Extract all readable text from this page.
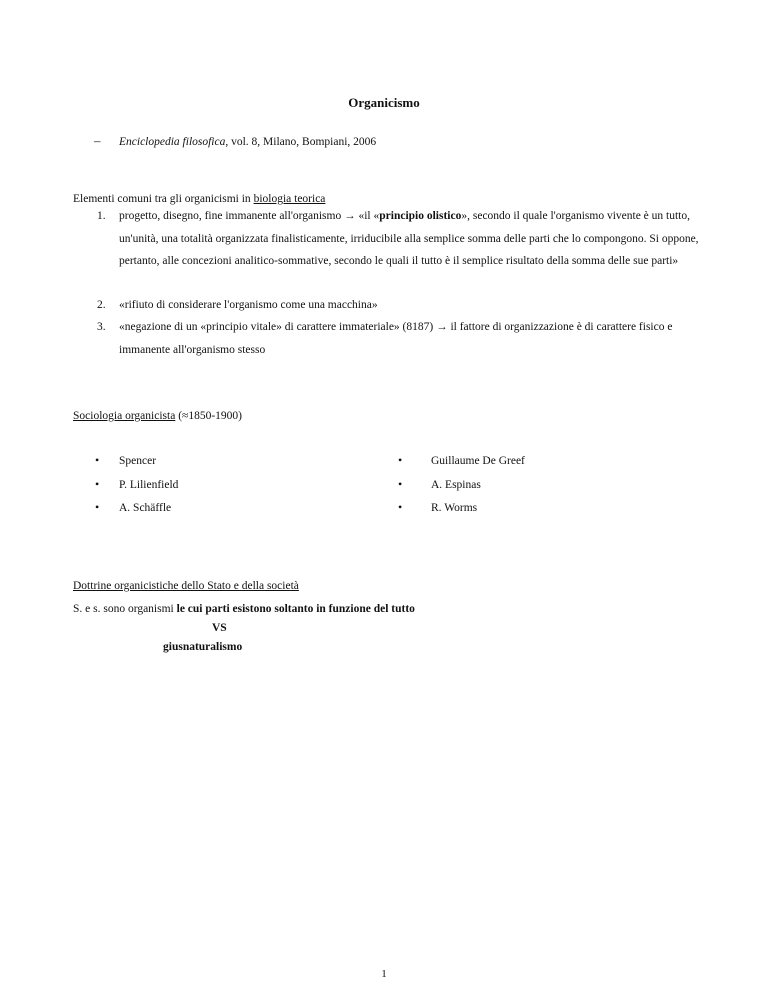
Organicismo
– Enciclopedia filosofica, vol. 8, Milano, Bompiani, 2006
Elementi comuni tra gli organicismi in biologia teorica
1. progetto, disegno, fine immanente all'organismo → «il «principio olistico», secondo il quale l'organismo vivente è un tutto, un'unità, una totalità organizzata finalisticamente, irriducibile alla semplice somma delle parti che lo compongono. Si oppone, pertanto, alle concezioni analitico-sommative, secondo le quali il tutto è il semplice risultato della somma delle sue parti»
2. «rifiuto di considerare l'organismo come una macchina»
3. «negazione di un «principio vitale» di carattere immateriale» (8187) → il fattore di organizzazione è di carattere fisico e immanente all'organismo stesso
Sociologia organicista (≈1850-1900)
• Spencer	•	Guillaume De Greef
• P. Lilienfield	•	A. Espinas
• A. Schäffle	•	R. Worms
Dottrine organicistiche dello Stato e della società
S. e s. sono organismi le cui parti esistono soltanto in funzione del tutto
VS
giusnaturalismo
1
